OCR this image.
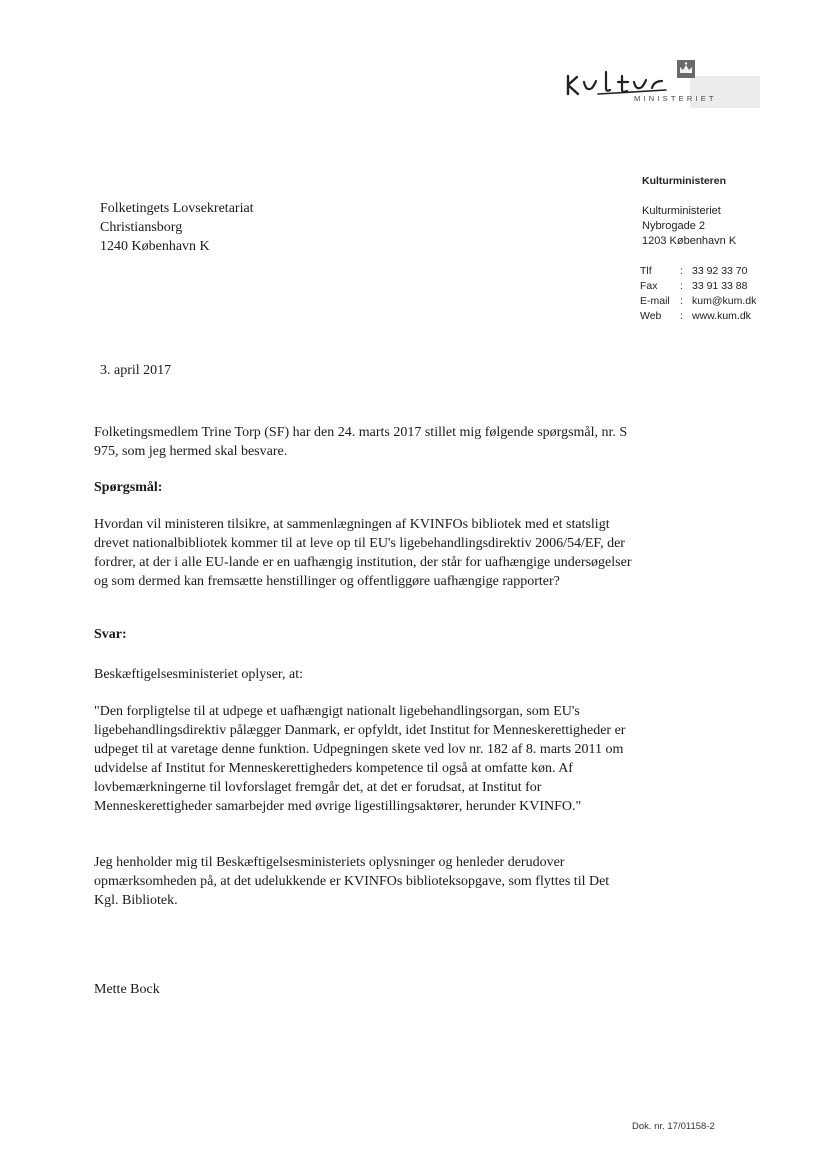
MINISTERIET
Kulturministeren
Kulturministeriet
Nybrogade 2
1203 København K
Tlf	:	33 92 33 70
Fax	:	33 91 33 88
E-mail	:	kum@kum.dk
Web	:	www.kum.dk
Folketingets Lovsekretariat
Christiansborg
1240 København K
3. april 2017

Folketingsmedlem Trine Torp (SF) har den 24. marts 2017 stillet mig følgende spørgsmål, nr. S 975, som jeg hermed skal besvare.

Spørgsmål:

Hvordan vil ministeren tilsikre, at sammenlægningen af KVINFOs bibliotek med et statsligt drevet nationalbibliotek kommer til at leve op til EU's ligebehandlingsdirektiv 2006/54/EF, der fordrer, at der i alle EU-lande er en uafhængig institution, der står for uafhængige undersøgelser og som dermed kan fremsætte henstillinger og offentliggøre uafhængige rapporter?

Svar:

Beskæftigelsesministeriet oplyser, at:

"Den forpligtelse til at udpege et uafhængigt nationalt ligebehandlingsorgan, som EU's ligebehandlingsdirektiv pålægger Danmark, er opfyldt, idet Institut for Menneskerettigheder er udpeget til at varetage denne funktion. Udpegningen skete ved lov nr. 182 af 8. marts 2011 om udvidelse af Institut for Menneskerettigheders kompetence til også at omfatte køn. Af lovbemærkningerne til lovforslaget fremgår det, at det er forudsat, at Institut for Menneskerettigheder samarbejder med øvrige ligestillingsaktører, herunder KVINFO."

Jeg henholder mig til Beskæftigelsesministeriets oplysninger og henleder derudover opmærksomheden på, at det udelukkende er KVINFOs biblioteksopgave, som flyttes til Det Kgl. Bibliotek.

Mette Bock
Dok. nr. 17/01158-2
